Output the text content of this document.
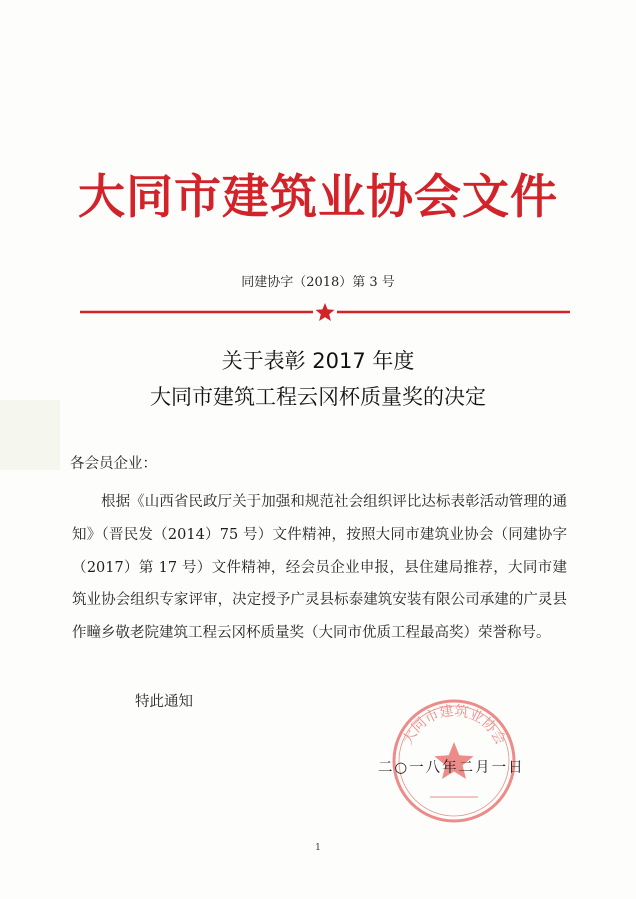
大同市建筑业协会文件
同建协字（2018）第 3 号
关于表彰 2017 年度
大同市建筑工程云冈杯质量奖的决定
各会员企业：
根据《山西省民政厅关于加强和规范社会组织评比达标表彰活动管理的通知》（晋民发（2014）75 号）文件精神，按照大同市建筑业协会（同建协字（2017）第 17 号）文件精神，经会员企业申报，县住建局推荐，大同市建筑业协会组织专家评审，决定授予广灵县标泰建筑安装有限公司承建的广灵县作疃乡敬老院建筑工程云冈杯质量奖（大同市优质工程最高奖）荣誉称号。
特此通知
大同市建筑业协会
二○一八年二月一日
1
